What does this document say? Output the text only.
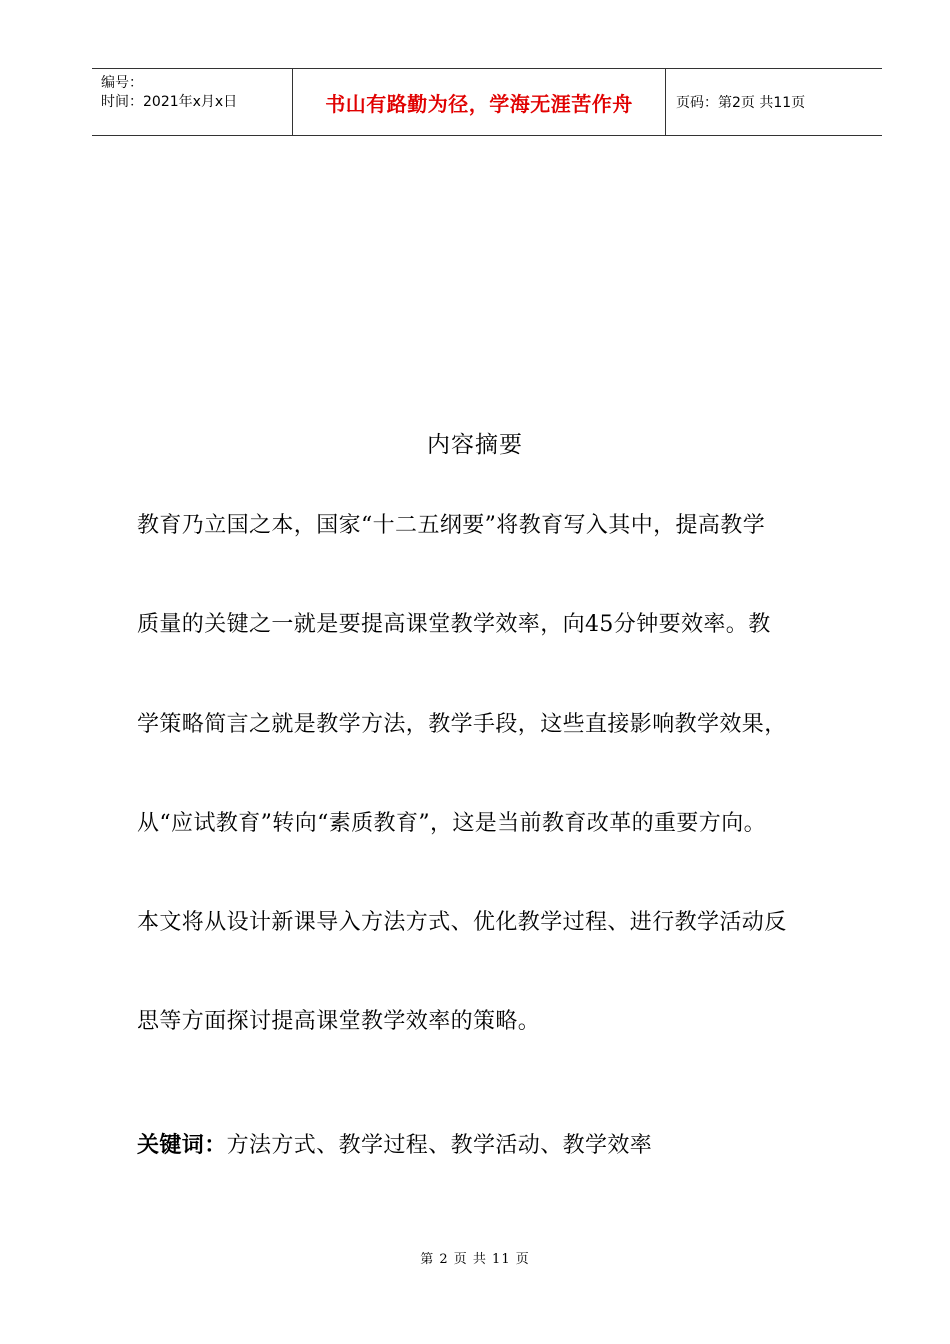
编号：
时间：2021年x月x日	书山有路勤为径，学海无涯苦作舟	页码：第2页 共11页
内容摘要
教育乃立国之本，国家“十二五纲要”将教育写入其中，提高教学
质量的关键之一就是要提高课堂教学效率，向45分钟要效率。教
学策略简言之就是教学方法，教学手段，这些直接影响教学效果，
从“应试教育”转向“素质教育”，这是当前教育改革的重要方向。
本文将从设计新课导入方法方式、优化教学过程、进行教学活动反
思等方面探讨提高课堂教学效率的策略。
关键词：方法方式、教学过程、教学活动、教学效率
第 2 页 共 11 页
